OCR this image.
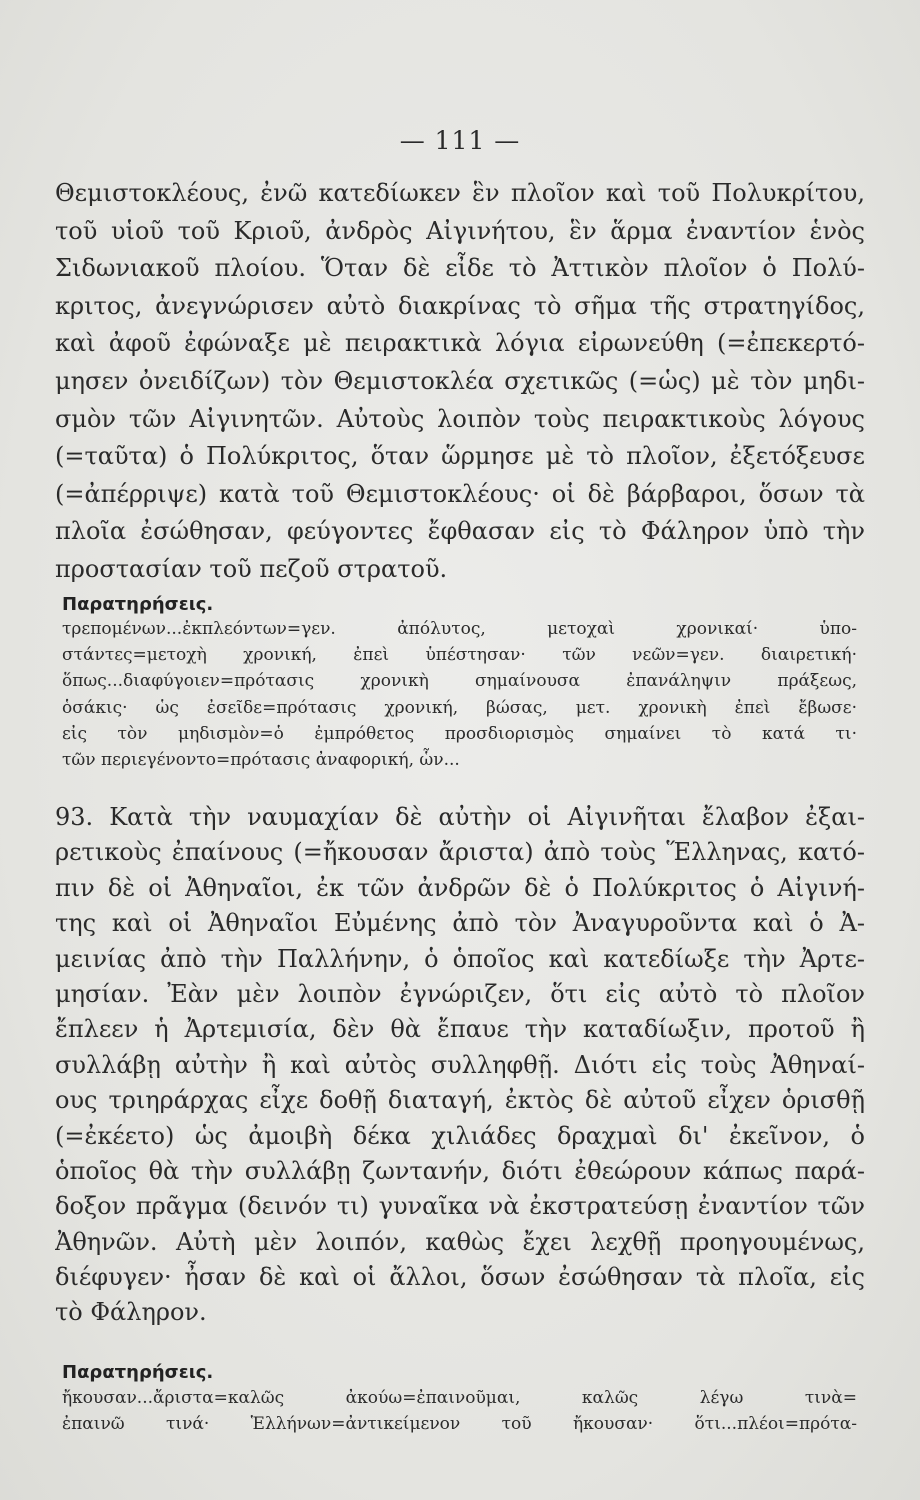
— 111 —
Θεμιστοκλέους, ἐνῶ κατεδίωκεν ἓν πλοῖον καὶ τοῦ Πολυκρίτου,
τοῦ υἱοῦ τοῦ Κριοῦ, ἀνδρὸς Αἰγινήτου, ἓν ἅρμα ἐναντίον ἑνὸς
Σιδωνιακοῦ πλοίου. Ὅταν δὲ εἶδε τὸ Ἀττικὸν πλοῖον ὁ Πολύ-
κριτος, ἀνεγνώρισεν αὐτὸ διακρίνας τὸ σῆμα τῆς στρατηγίδος,
καὶ ἀφοῦ ἐφώναξε μὲ πειρακτικὰ λόγια εἰρωνεύθη (=ἐπεκερτό-
μησεν ὀνειδίζων) τὸν Θεμιστοκλέα σχετικῶς (=ὡς) μὲ τὸν μηδι-
σμὸν τῶν Αἰγινητῶν. Αὐτοὺς λοιπὸν τοὺς πειρακτικοὺς λόγους
(=ταῦτα) ὁ Πολύκριτος, ὅταν ὥρμησε μὲ τὸ πλοῖον, ἐξετόξευσε
(=ἀπέρριψε) κατὰ τοῦ Θεμιστοκλέους· οἱ δὲ βάρβαροι, ὅσων τὰ
πλοῖα ἐσώθησαν, φεύγοντες ἔφθασαν εἰς τὸ Φάληρον ὑπὸ τὴν
προστασίαν τοῦ πεζοῦ στρατοῦ.
Παρατηρήσεις.
τρεπομένων...ἐκπλεόντων=γεν. ἀπόλυτος, μετοχαὶ χρονικαί· ὑπο-
στάντες=μετοχὴ χρονική, ἐπεὶ ὑπέστησαν· τῶν νεῶν=γεν. διαιρετική·
ὅπως...διαφύγοιεν=πρότασις χρονικὴ σημαίνουσα ἐπανάληψιν πράξεως,
ὁσάκις· ὡς ἐσεῖδε=πρότασις χρονική, βώσας, μετ. χρονικὴ ἐπεὶ ἔβωσε·
εἰς τὸν μηδισμὸν=ὁ ἐμπρόθετος προσδιορισμὸς σημαίνει τὸ κατά τι·
τῶν περιεγένοντο=πρότασις ἀναφορική, ὧν...
93. Κατὰ τὴν ναυμαχίαν δὲ αὐτὴν οἱ Αἰγινῆται ἔλαβον ἐξαι-
ρετικοὺς ἐπαίνους (=ἤκουσαν ἄριστα) ἀπὸ τοὺς Ἕλληνας, κατό-
πιν δὲ οἱ Ἀθηναῖοι, ἐκ τῶν ἀνδρῶν δὲ ὁ Πολύκριτος ὁ Αἰγινή-
της καὶ οἱ Ἀθηναῖοι Εὐμένης ἀπὸ τὸν Ἀναγυροῦντα καὶ ὁ Ἀ-
μεινίας ἀπὸ τὴν Παλλήνην, ὁ ὁποῖος καὶ κατεδίωξε τὴν Ἀρτε-
μησίαν. Ἐὰν μὲν λοιπὸν ἐγνώριζεν, ὅτι εἰς αὐτὸ τὸ πλοῖον
ἔπλεεν ἡ Ἀρτεμισία, δὲν θὰ ἔπαυε τὴν καταδίωξιν, προτοῦ ἢ
συλλάβῃ αὐτὴν ἢ καὶ αὐτὸς συλληφθῇ. Διότι εἰς τοὺς Ἀθηναί-
ους τριηράρχας εἶχε δοθῇ διαταγή, ἐκτὸς δὲ αὐτοῦ εἶχεν ὁρισθῇ
(=ἐκέετο) ὡς ἀμοιβὴ δέκα χιλιάδες δραχμαὶ δι' ἐκεῖνον, ὁ
ὁποῖος θὰ τὴν συλλάβῃ ζωντανήν, διότι ἐθεώρουν κάπως παρά-
δοξον πρᾶγμα (δεινόν τι) γυναῖκα νὰ ἐκστρατεύσῃ ἐναντίον τῶν
Ἀθηνῶν. Αὐτὴ μὲν λοιπόν, καθὼς ἔχει λεχθῇ προηγουμένως,
διέφυγεν· ἦσαν δὲ καὶ οἱ ἄλλοι, ὅσων ἐσώθησαν τὰ πλοῖα, εἰς
τὸ Φάληρον.
Παρατηρήσεις.
ἤκουσαν...ἄριστα=καλῶς ἀκούω=ἐπαινοῦμαι, καλῶς λέγω τινὰ=
ἐπαινῶ τινά· Ἑλλήνων=ἀντικείμενον τοῦ ἤκουσαν· ὅτι...πλέοι=πρότα-
